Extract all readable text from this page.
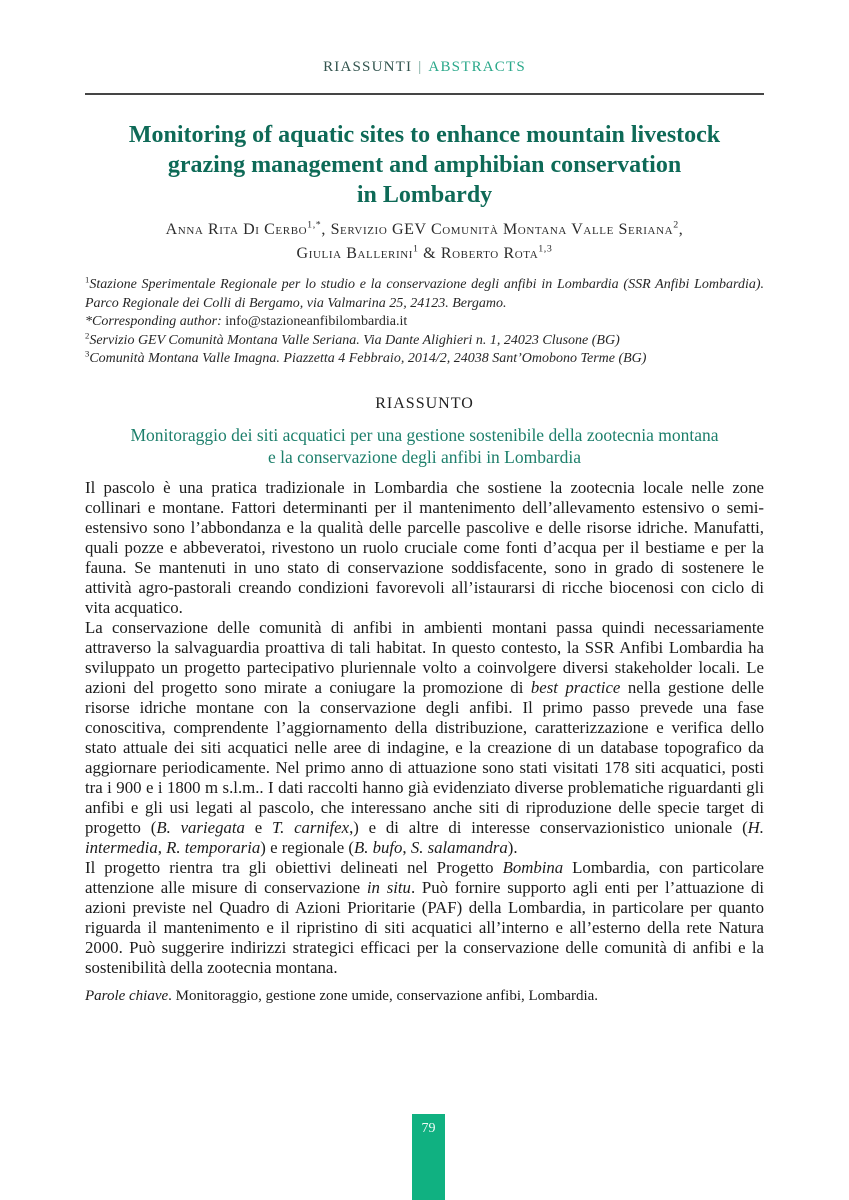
RIASSUNTI | ABSTRACTS
Monitoring of aquatic sites to enhance mountain livestock
grazing management and amphibian conservation
in Lombardy
Anna Rita Di Cerbo$^{1,*}$, Servizio GEV Comunità Montana Valle Seriana$^2$,
Giulia Ballerini$^1$ & Roberto Rota$^{1,3}$
$^1$Stazione Sperimentale Regionale per lo studio e la conservazione degli anfibi in Lombardia (SSR Anfibi Lombardia). Parco Regionale dei Colli di Bergamo, via Valmarina 25, 24123. Bergamo.
*Corresponding author: info@stazioneanfibilombardia.it
$^2$Servizio GEV Comunità Montana Valle Seriana. Via Dante Alighieri n. 1, 24023 Clusone (BG)
$^3$Comunità Montana Valle Imagna. Piazzetta 4 Febbraio, 2014/2, 24038 Sant’Omobono Terme (BG)
RIASSUNTO
Monitoraggio dei siti acquatici per una gestione sostenibile della zootecnia montana
e la conservazione degli anfibi in Lombardia

Il pascolo è una pratica tradizionale in Lombardia che sostiene la zootecnia locale nelle zone collinari e montane. Fattori determinanti per il mantenimento dell’allevamento estensivo o semi-estensivo sono l’abbondanza e la qualità delle parcelle pascolive e delle risorse idriche. Manufatti, quali pozze e abbeveratoi, rivestono un ruolo cruciale come fonti d’acqua per il bestiame e per la fauna. Se mantenuti in uno stato di conservazione soddisfacente, sono in grado di sostenere le attività agro-pastorali creando condizioni favorevoli all’istaurarsi di ricche biocenosi con ciclo di vita acquatico.

La conservazione delle comunità di anfibi in ambienti montani passa quindi necessariamente attraverso la salvaguardia proattiva di tali habitat. In questo contesto, la SSR Anfibi Lombardia ha sviluppato un progetto partecipativo pluriennale volto a coinvolgere diversi stakeholder locali. Le azioni del progetto sono mirate a coniugare la promozione di best practice nella gestione delle risorse idriche montane con la conservazione degli anfibi. Il primo passo prevede una fase conoscitiva, comprendente l’aggiornamento della distribuzione, caratterizzazione e verifica dello stato attuale dei siti acquatici nelle aree di indagine, e la creazione di un database topografico da aggiornare periodicamente. Nel primo anno di attuazione sono stati visitati 178 siti acquatici, posti tra i 900 e i 1800 m s.l.m.. I dati raccolti hanno già evidenziato diverse problematiche riguardanti gli anfibi e gli usi legati al pascolo, che interessano anche siti di riproduzione delle specie target di progetto (B. variegata e T. carnifex,) e di altre di interesse conservazionistico unionale (H. intermedia, R. temporaria) e regionale (B. bufo, S. salamandra).

Il progetto rientra tra gli obiettivi delineati nel Progetto Bombina Lombardia, con particolare attenzione alle misure di conservazione in situ. Può fornire supporto agli enti per l’attuazione di azioni previste nel Quadro di Azioni Prioritarie (PAF) della Lombardia, in particolare per quanto riguarda il mantenimento e il ripristino di siti acquatici all’interno e all’esterno della rete Natura 2000. Può suggerire indirizzi strategici efficaci per la conservazione delle comunità di anfibi e la sostenibilità della zootecnia montana.

Parole chiave. Monitoraggio, gestione zone umide, conservazione anfibi, Lombardia.
79
